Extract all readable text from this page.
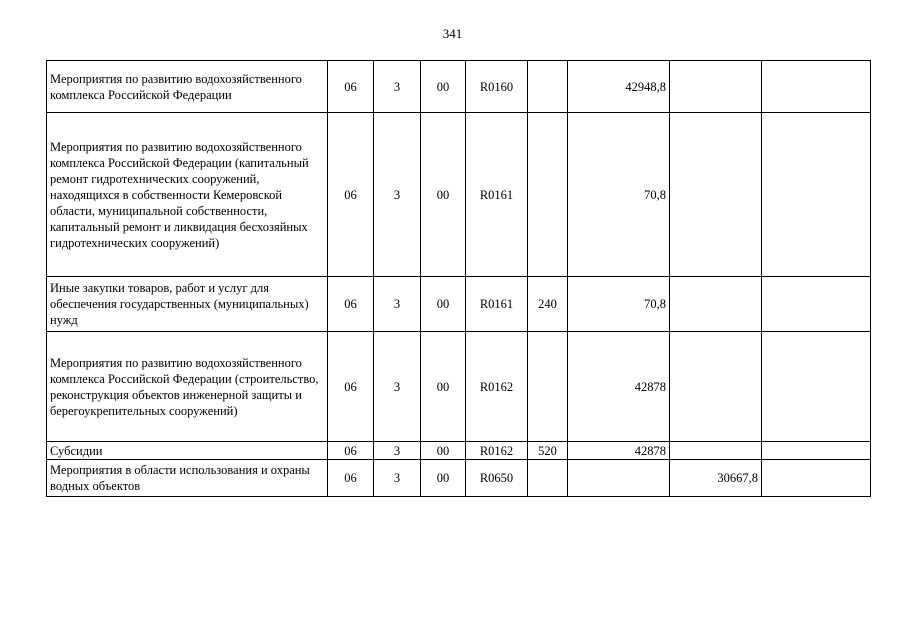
341
Мероприятия по развитию водохозяйственного комплекса Российской Федерации	06	3	00	R0160		42948,8		
Мероприятия по развитию водохозяйственного комплекса Российской Федерации (капитальный ремонт гидротехнических сооружений, находящихся в собственности Кемеровской области, муниципальной собственности, капитальный ремонт и ликвидация бесхозяйных гидротехнических сооружений)	06	3	00	R0161		70,8		
Иные закупки товаров, работ и услуг для обеспечения государственных (муниципальных) нужд	06	3	00	R0161	240	70,8		
Мероприятия по развитию водохозяйственного комплекса Российской Федерации (строительство, реконструкция объектов инженерной защиты и берегоукрепительных сооружений)	06	3	00	R0162		42878		
Субсидии	06	3	00	R0162	520	42878		
Мероприятия в области использования и охраны водных объектов	06	3	00	R0650			30667,8	
